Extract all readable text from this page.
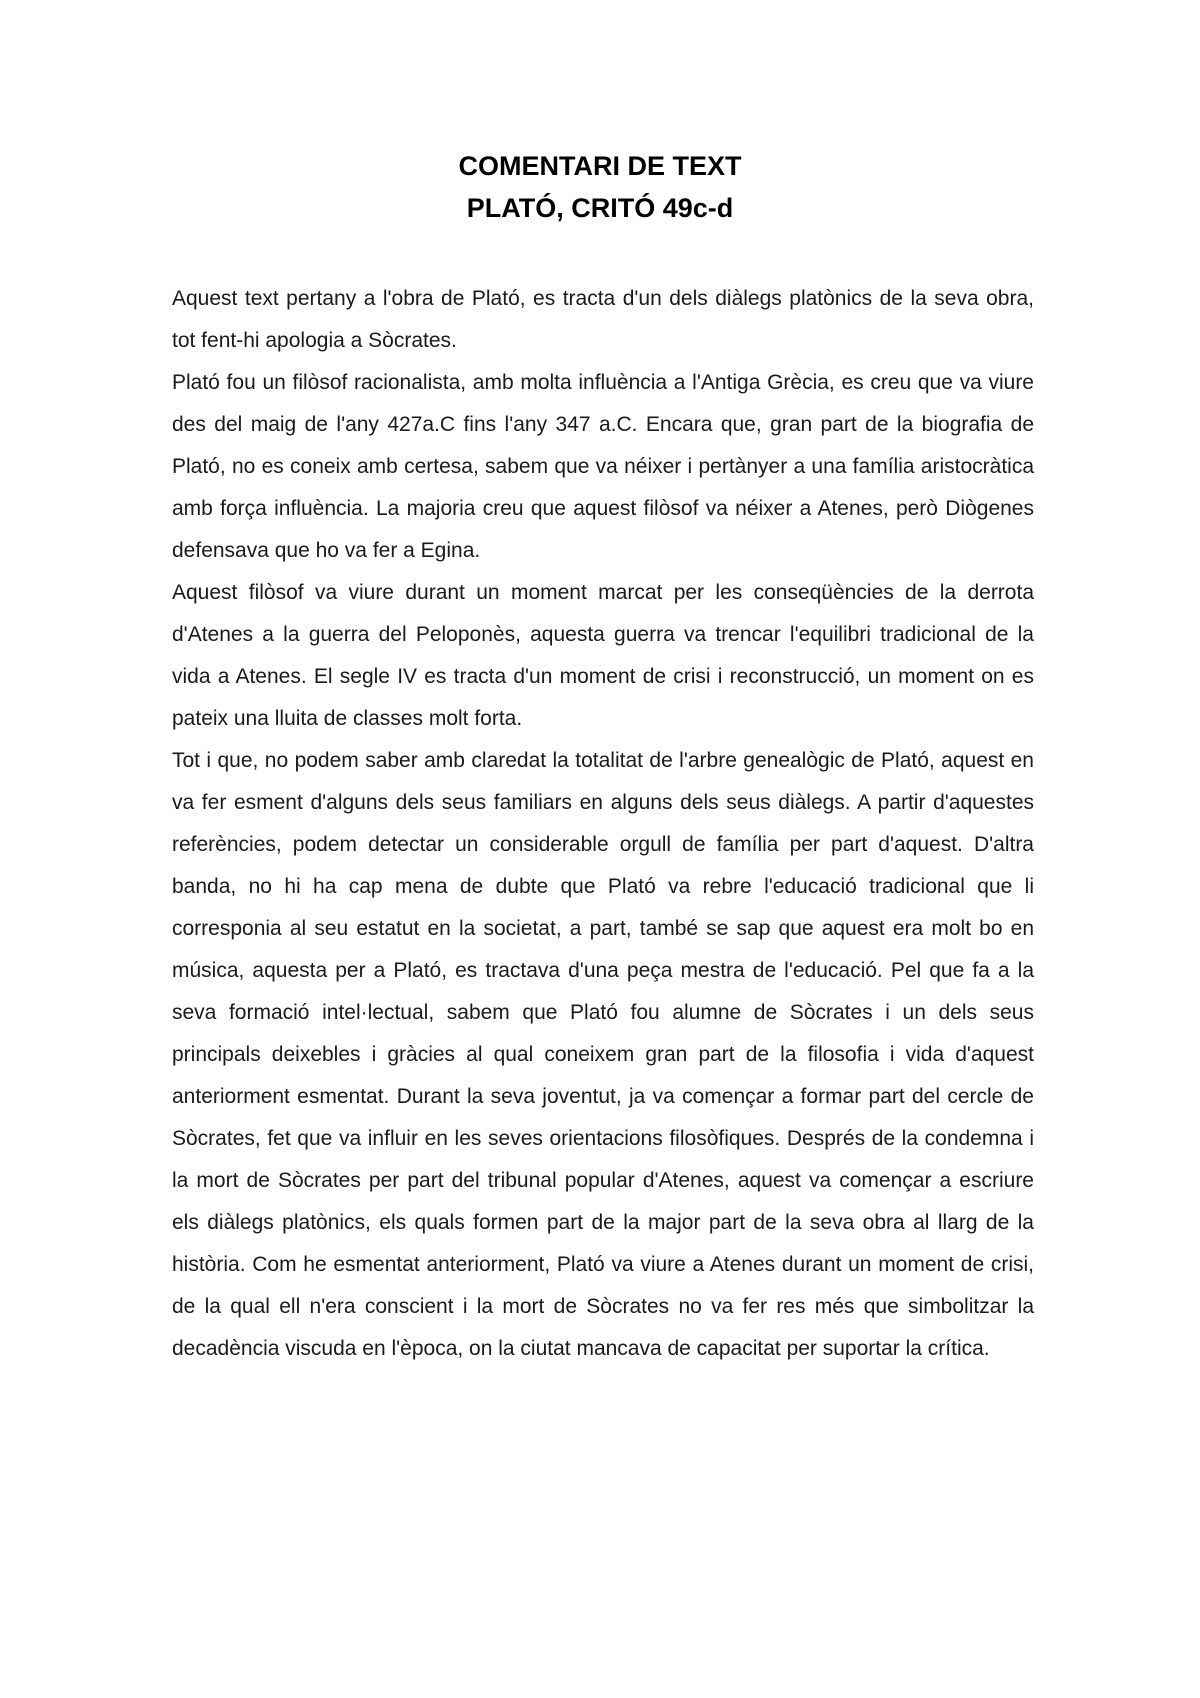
COMENTARI DE TEXT
PLATÓ, CRITÓ 49c-d

Aquest text pertany a l'obra de Plató, es tracta d'un dels diàlegs platònics de la seva obra, tot fent-hi apologia a Sòcrates.

Plató fou un filòsof racionalista, amb molta influència a l'Antiga Grècia, es creu que va viure des del maig de l'any 427a.C fins l'any 347 a.C. Encara que, gran part de la biografia de Plató, no es coneix amb certesa, sabem que va néixer i pertànyer a una família aristocràtica amb força influència. La majoria creu que aquest filòsof va néixer a Atenes, però Diògenes defensava que ho va fer a Egina.

Aquest filòsof va viure durant un moment marcat per les conseqüències de la derrota d'Atenes a la guerra del Peloponès, aquesta guerra va trencar l'equilibri tradicional de la vida a Atenes. El segle IV es tracta d'un moment de crisi i reconstrucció, un moment on es pateix una lluita de classes molt forta.

Tot i que, no podem saber amb claredat la totalitat de l'arbre genealògic de Plató, aquest en va fer esment d'alguns dels seus familiars en alguns dels seus diàlegs. A partir d'aquestes referències, podem detectar un considerable orgull de família per part d'aquest. D'altra banda, no hi ha cap mena de dubte que Plató va rebre l'educació tradicional que li corresponia al seu estatut en la societat, a part, també se sap que aquest era molt bo en música, aquesta per a Plató, es tractava d'una peça mestra de l'educació. Pel que fa a la seva formació intel·lectual, sabem que Plató fou alumne de Sòcrates i un dels seus principals deixebles i gràcies al qual coneixem gran part de la filosofia i vida d'aquest anteriorment esmentat. Durant la seva joventut, ja va començar a formar part del cercle de Sòcrates, fet que va influir en les seves orientacions filosòfiques. Després de la condemna i la mort de Sòcrates per part del tribunal popular d'Atenes, aquest va començar a escriure els diàlegs platònics, els quals formen part de la major part de la seva obra al llarg de la història. Com he esmentat anteriorment, Plató va viure a Atenes durant un moment de crisi, de la qual ell n'era conscient i la mort de Sòcrates no va fer res més que simbolitzar la decadència viscuda en l'època, on la ciutat mancava de capacitat per suportar la crítica.
